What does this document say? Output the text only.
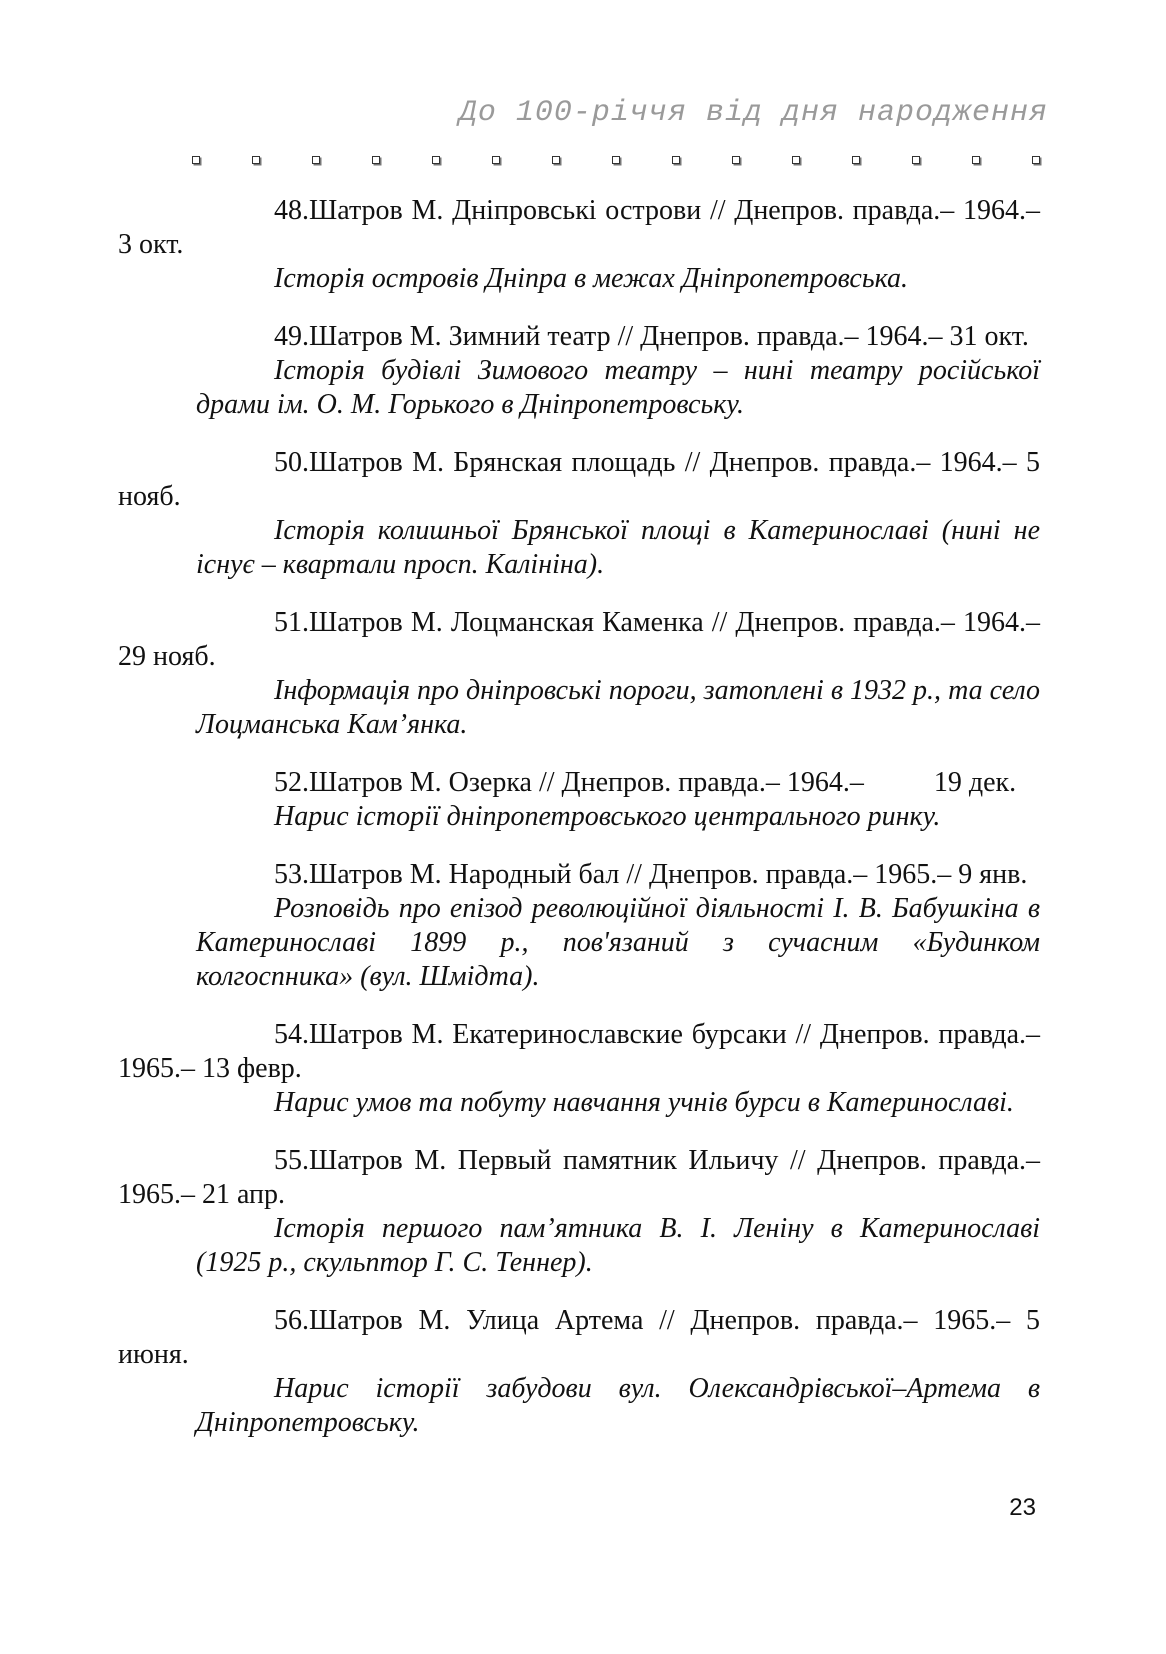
До 100-річчя від дня народження

48.Шатров М. Дніпровські острови // Днепров. правда.– 1964.– 3 окт.

Історія островів Дніпра в межах Дніпропетровська.

49.Шатров М. Зимний театр // Днепров. правда.– 1964.– 31 окт.

Історія будівлі Зимового театру – нині театру російської драми ім. О. М. Горького в Дніпропетровську.

50.Шатров М. Брянская площадь // Днепров. правда.– 1964.– 5 нояб.

Історія колишньої Брянської площі в Катеринославі (нині не існує – квартали просп. Калініна).

51.Шатров М. Лоцманская Каменка // Днепров. правда.– 1964.– 29 нояб.

Інформація про дніпровські пороги, затоплені в 1932 р., та село Лоцманська Кам’янка.

52.Шатров М. Озерка // Днепров. правда.– 1964.–          19 дек.

Нарис історії дніпропетровського центрального ринку.

53.Шатров М. Народный бал // Днепров. правда.– 1965.– 9 янв.

Розповідь про епізод революційної діяльності І. В. Бабушкіна в Катеринославі 1899 р., пов'язаний з сучасним «Будинком колгоспника» (вул. Шмідта).

54.Шатров М. Екатеринославские бурсаки // Днепров. правда.– 1965.– 13 февр.

Нарис умов та побуту навчання учнів бурси в Катеринославі.

55.Шатров М. Первый памятник Ильичу // Днепров. правда.– 1965.– 21 апр.

Історія першого пам’ятника В. І. Леніну в Катеринославі (1925 р., скульптор Г. С. Теннер).

56.Шатров М. Улица Артема // Днепров. правда.– 1965.– 5 июня.

Нарис історії забудови вул. Олександрівської–Артема в Дніпропетровську.

23
